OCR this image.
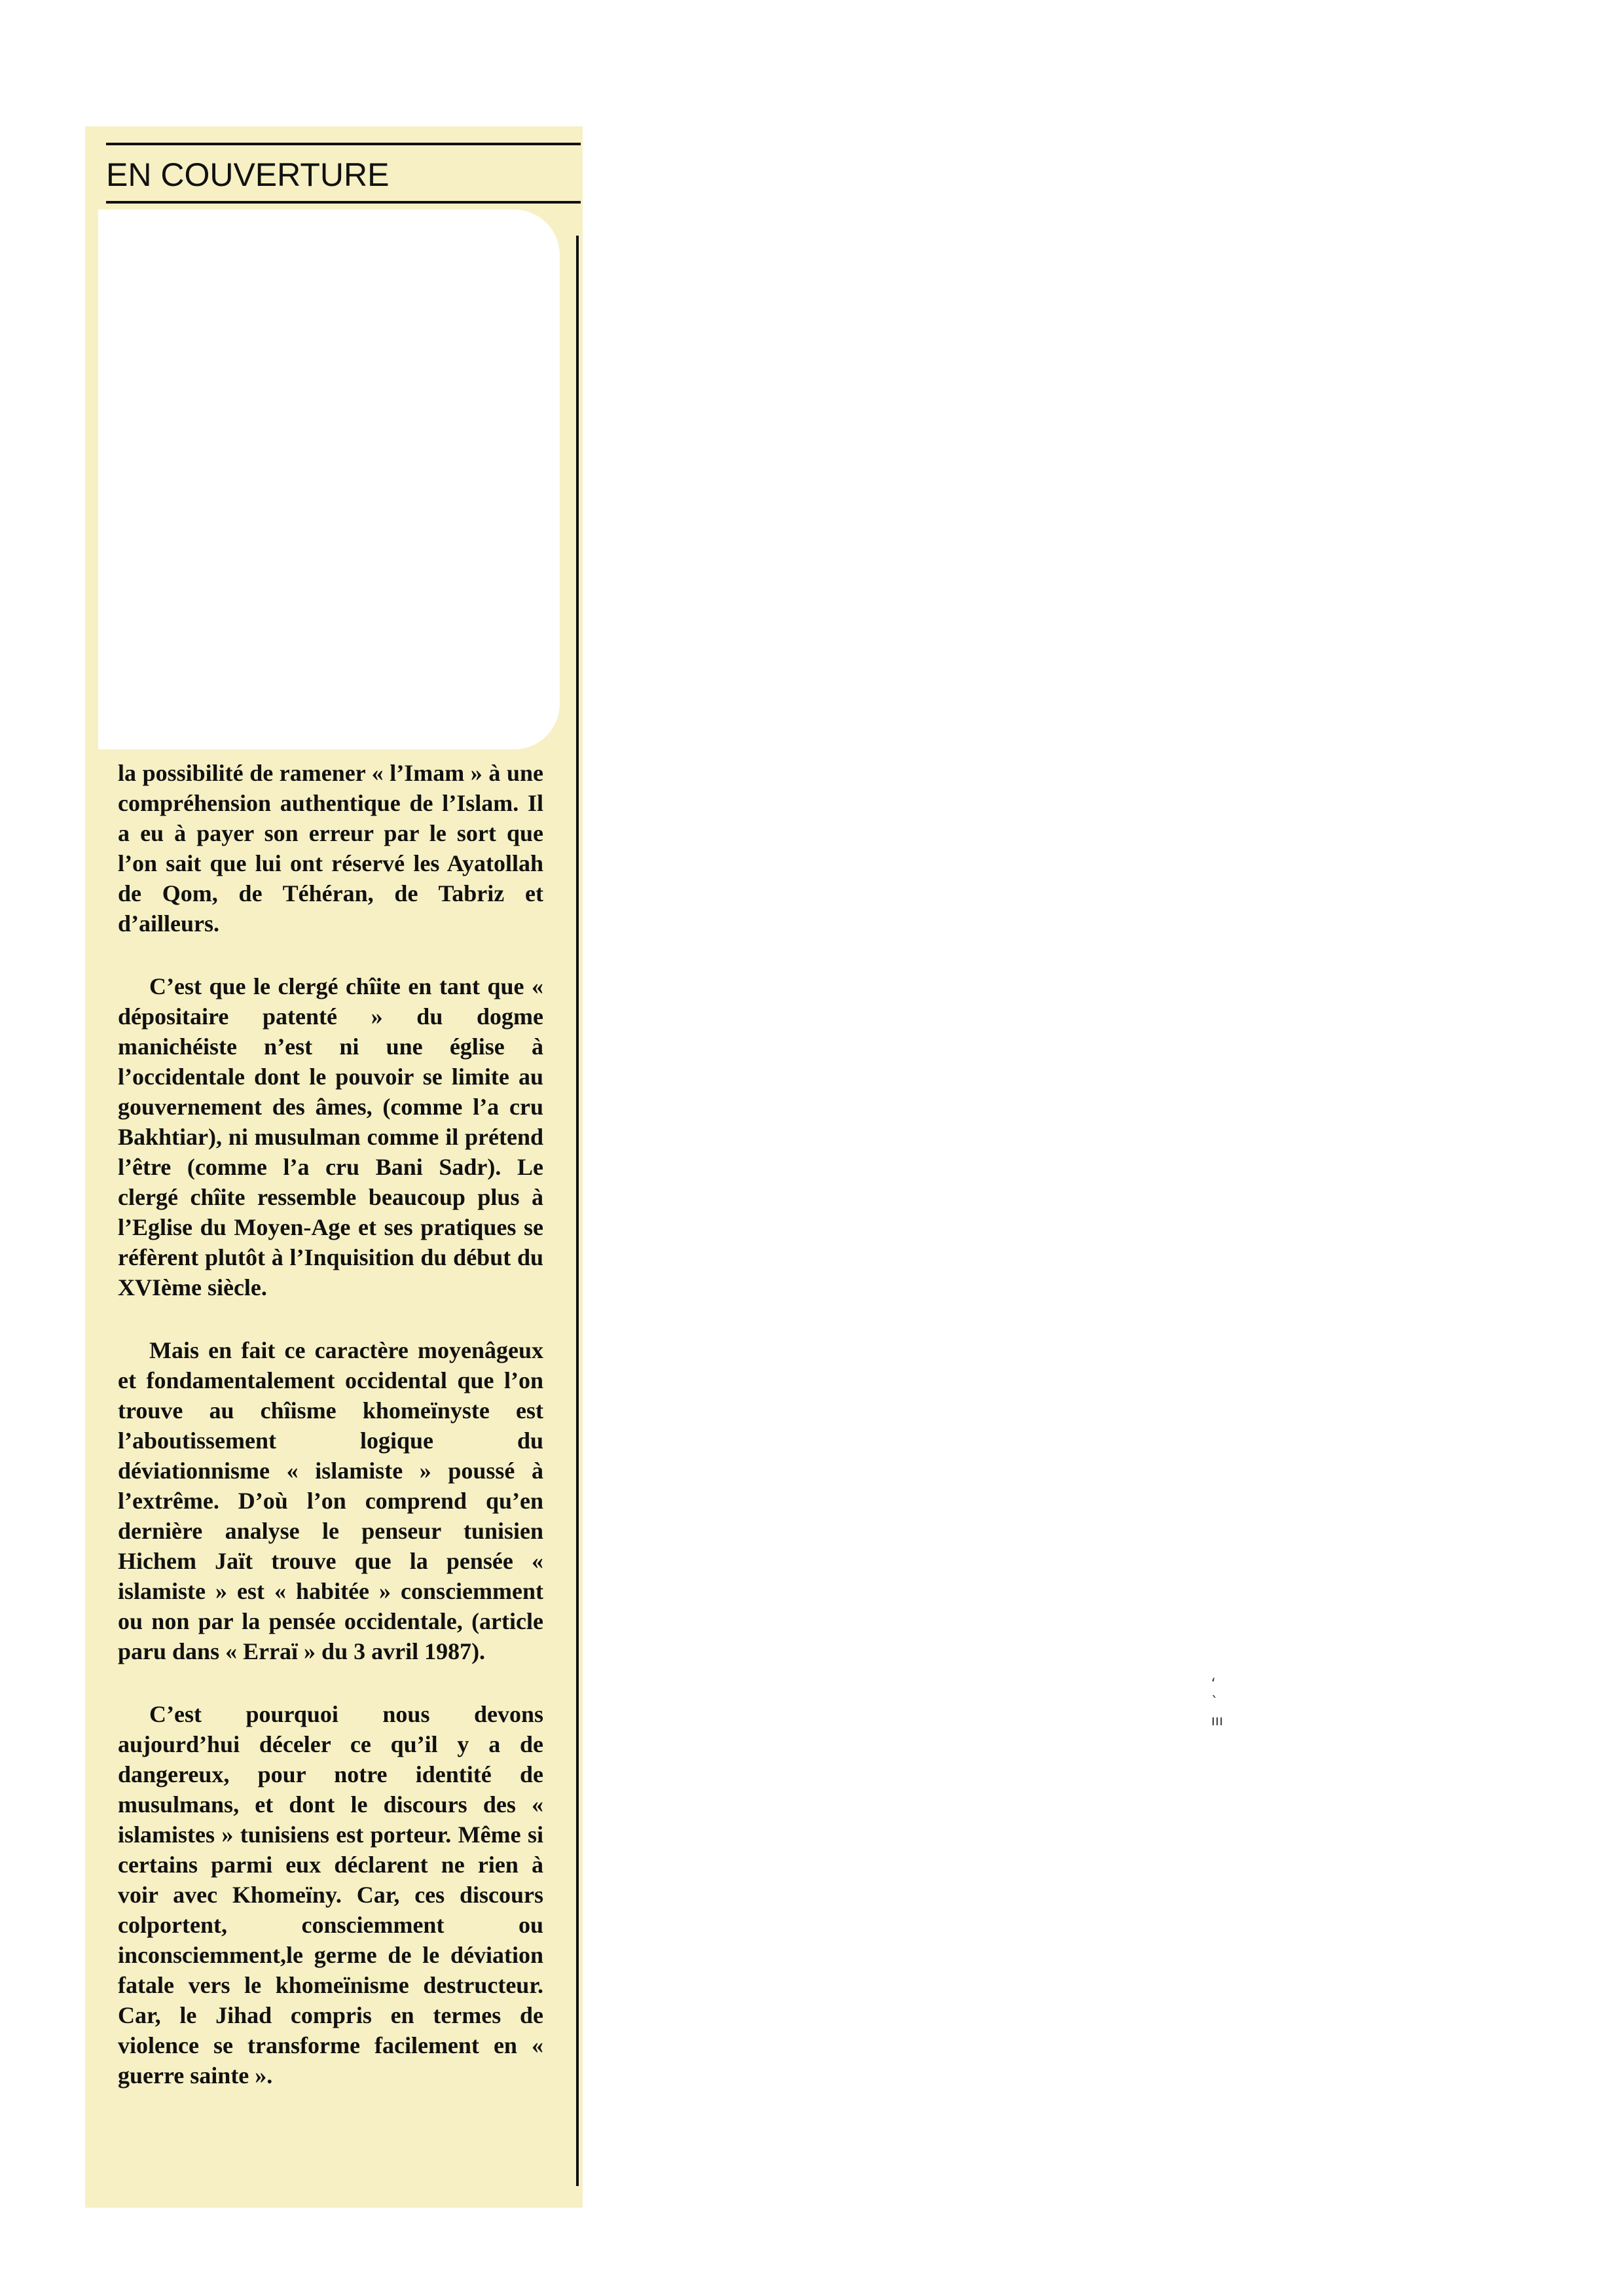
EN COUVERTURE

la possibilité de ramener « l’Imam » à une compréhension authentique de l’Islam. Il a eu à payer son erreur par le sort que l’on sait que lui ont réservé les Ayatollah de Qom, de Téhéran, de Tabriz et d’ailleurs.

C’est que le clergé chîite en tant que « dépositaire patenté » du dogme manichéiste n’est ni une église à l’occidentale dont le pouvoir se limite au gouvernement des âmes, (comme l’a cru Bakhtiar), ni musulman comme il prétend l’être (comme l’a cru Bani Sadr). Le clergé chîite ressemble beaucoup plus à l’Eglise du Moyen-Age et ses pratiques se réfèrent plutôt à l’Inquisition du début du XVIème siècle.

Mais en fait ce caractère moyenâgeux et fondamentalement occidental que l’on trouve au chîisme khomeïnyste est l’aboutissement logique du déviationnisme « islamiste » poussé à l’extrême. D’où l’on comprend qu’en dernière analyse le penseur tunisien Hichem Jaït trouve que la pensée « islamiste » est « habitée » consciemment ou non par la pensée occidentale, (article paru dans « Erraï » du 3 avril 1987).

C’est pourquoi nous devons aujourd’hui déceler ce qu’il y a de dangereux, pour notre identité de musulmans, et dont le discours des « islamistes » tunisiens est porteur. Même si certains parmi eux déclarent ne rien à voir avec Khomeïny. Car, ces discours colportent, consciemment ou inconsciemment,le germe de le déviation fatale vers le khomeïnisme destructeur. Car, le Jihad compris en termes de violence se transforme facilement en « guerre sainte ».

‘
`
ııı
